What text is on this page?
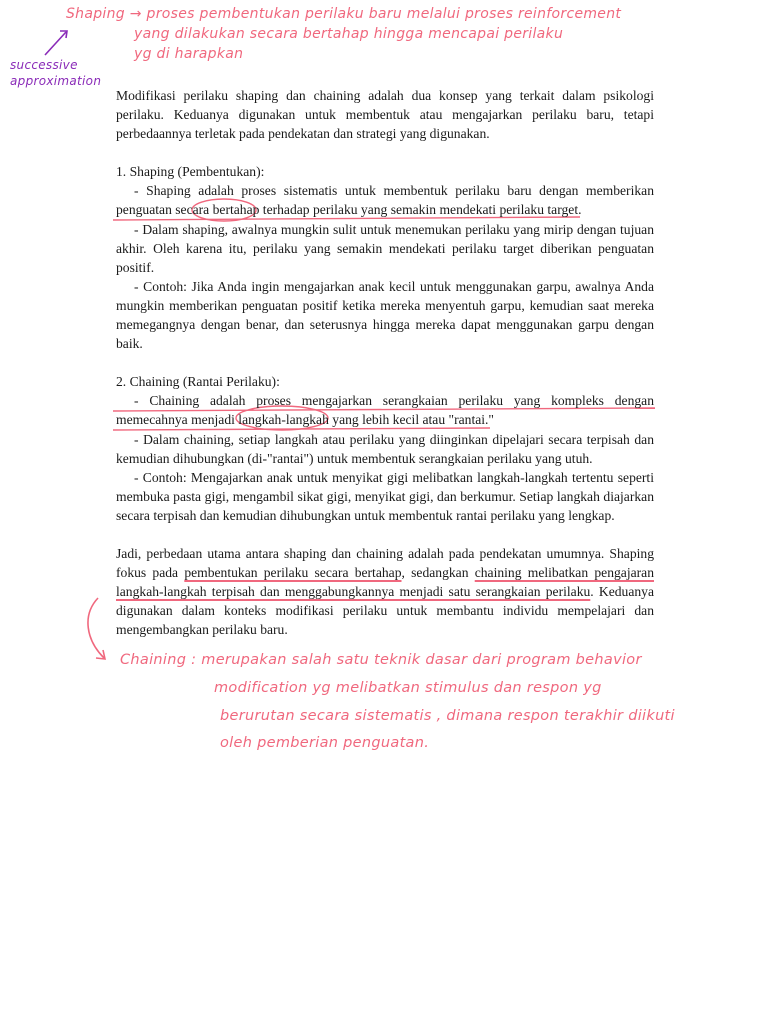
Shaping → proses pembentukan perilaku baru melalui proses reinforcement
yang dilakukan secara bertahap hingga mencapai perilaku
yg di harapkan
successive
approximation

Modifikasi perilaku shaping dan chaining adalah dua konsep yang terkait dalam psikologi perilaku. Keduanya digunakan untuk membentuk atau mengajarkan perilaku baru, tetapi perbedaannya terletak pada pendekatan dan strategi yang digunakan.

1. Shaping (Pembentukan):

- Shaping adalah proses sistematis untuk membentuk perilaku baru dengan memberikan penguatan secara bertahap terhadap perilaku yang semakin mendekati perilaku target.

- Dalam shaping, awalnya mungkin sulit untuk menemukan perilaku yang mirip dengan tujuan akhir. Oleh karena itu, perilaku yang semakin mendekati perilaku target diberikan penguatan positif.

- Contoh: Jika Anda ingin mengajarkan anak kecil untuk menggunakan garpu, awalnya Anda mungkin memberikan penguatan positif ketika mereka menyentuh garpu, kemudian saat mereka memegangnya dengan benar, dan seterusnya hingga mereka dapat menggunakan garpu dengan baik.

2. Chaining (Rantai Perilaku):

- Chaining adalah proses mengajarkan serangkaian perilaku yang kompleks dengan memecahnya menjadi langkah-langkah yang lebih kecil atau "rantai."

- Dalam chaining, setiap langkah atau perilaku yang diinginkan dipelajari secara terpisah dan kemudian dihubungkan (di-"rantai") untuk membentuk serangkaian perilaku yang utuh.

- Contoh: Mengajarkan anak untuk menyikat gigi melibatkan langkah-langkah tertentu seperti membuka pasta gigi, mengambil sikat gigi, menyikat gigi, dan berkumur. Setiap langkah diajarkan secara terpisah dan kemudian dihubungkan untuk membentuk rantai perilaku yang lengkap.

Jadi, perbedaan utama antara shaping dan chaining adalah pada pendekatan umumnya. Shaping fokus pada pembentukan perilaku secara bertahap, sedangkan chaining melibatkan pengajaran langkah-langkah terpisah dan menggabungkannya menjadi satu serangkaian perilaku. Keduanya digunakan dalam konteks modifikasi perilaku untuk membantu individu mempelajari dan mengembangkan perilaku baru.

Chaining : merupakan salah satu teknik dasar dari program behavior
modification yg melibatkan stimulus dan respon yg
berurutan secara sistematis , dimana respon terakhir diikuti
oleh pemberian penguatan.
